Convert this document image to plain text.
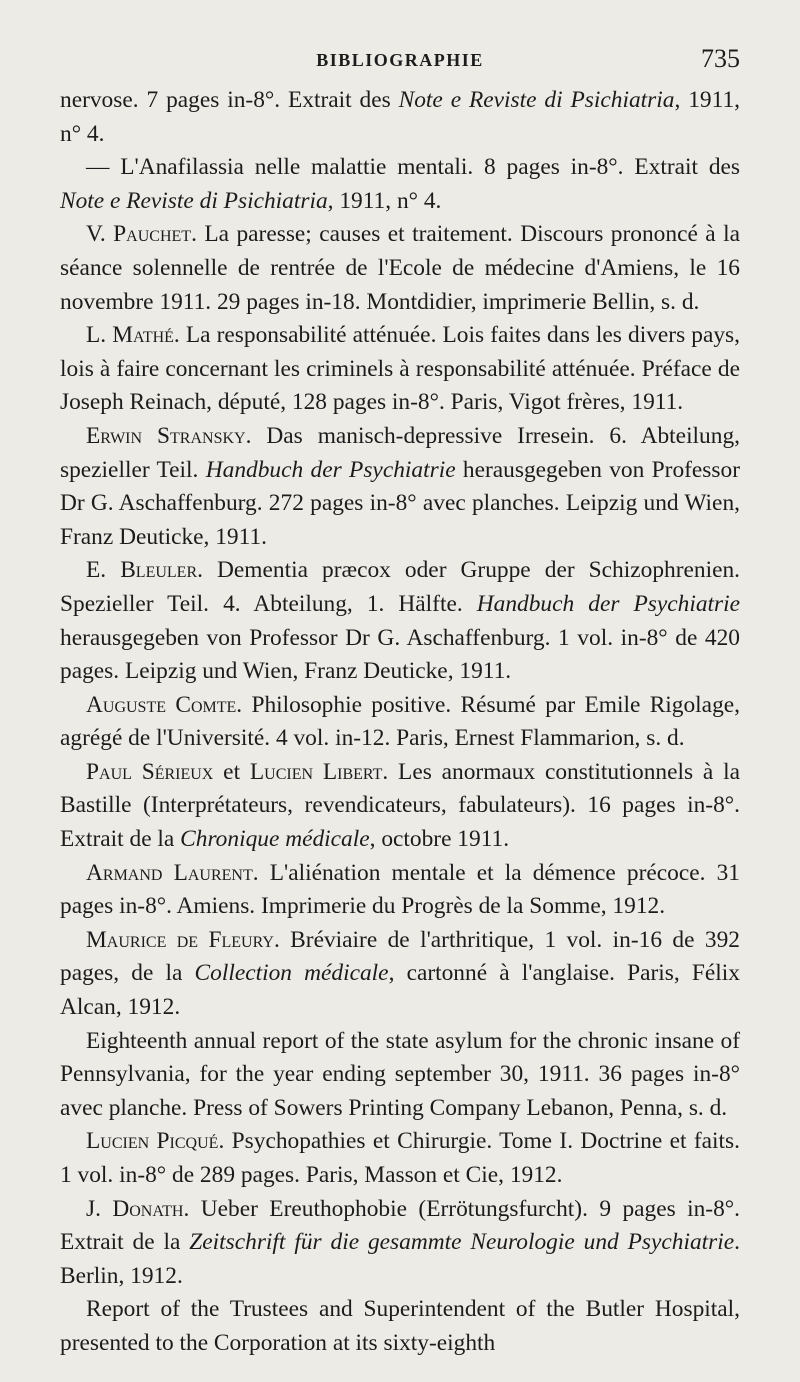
BIBLIOGRAPHIE	735

nervose. 7 pages in-8°. Extrait des Note e Reviste di Psichiatria, 1911, n° 4.

— L'Anafilassia nelle malattie mentali. 8 pages in-8°. Extrait des Note e Reviste di Psichiatria, 1911, n° 4.

V. Pauchet. La paresse; causes et traitement. Discours prononcé à la séance solennelle de rentrée de l'Ecole de médecine d'Amiens, le 16 novembre 1911. 29 pages in-18. Montdidier, imprimerie Bellin, s. d.

L. Mathé. La responsabilité atténuée. Lois faites dans les divers pays, lois à faire concernant les criminels à responsabilité atténuée. Préface de Joseph Reinach, député, 128 pages in-8°. Paris, Vigot frères, 1911.

Erwin Stransky. Das manisch-depressive Irresein. 6. Abteilung, spezieller Teil. Handbuch der Psychiatrie herausgegeben von Professor Dr G. Aschaffenburg. 272 pages in-8° avec planches. Leipzig und Wien, Franz Deuticke, 1911.

E. Bleuler. Dementia præcox oder Gruppe der Schizophrenien. Spezieller Teil. 4. Abteilung, 1. Hälfte. Handbuch der Psychiatrie herausgegeben von Professor Dr G. Aschaffenburg. 1 vol. in-8° de 420 pages. Leipzig und Wien, Franz Deuticke, 1911.

Auguste Comte. Philosophie positive. Résumé par Emile Rigolage, agrégé de l'Université. 4 vol. in-12. Paris, Ernest Flammarion, s. d.

Paul Sérieux et Lucien Libert. Les anormaux constitutionnels à la Bastille (Interprétateurs, revendicateurs, fabulateurs). 16 pages in-8°. Extrait de la Chronique médicale, octobre 1911.

Armand Laurent. L'aliénation mentale et la démence précoce. 31 pages in-8°. Amiens. Imprimerie du Progrès de la Somme, 1912.

Maurice de Fleury. Bréviaire de l'arthritique, 1 vol. in-16 de 392 pages, de la Collection médicale, cartonné à l'anglaise. Paris, Félix Alcan, 1912.

Eighteenth annual report of the state asylum for the chronic insane of Pennsylvania, for the year ending september 30, 1911. 36 pages in-8° avec planche. Press of Sowers Printing Company Lebanon, Penna, s. d.

Lucien Picqué. Psychopathies et Chirurgie. Tome I. Doctrine et faits. 1 vol. in-8° de 289 pages. Paris, Masson et Cie, 1912.

J. Donath. Ueber Ereuthophobie (Errötungsfurcht). 9 pages in-8°. Extrait de la Zeitschrift für die gesammte Neurologie und Psychiatrie. Berlin, 1912.

Report of the Trustees and Superintendent of the Butler Hospital, presented to the Corporation at its sixty-eighth
